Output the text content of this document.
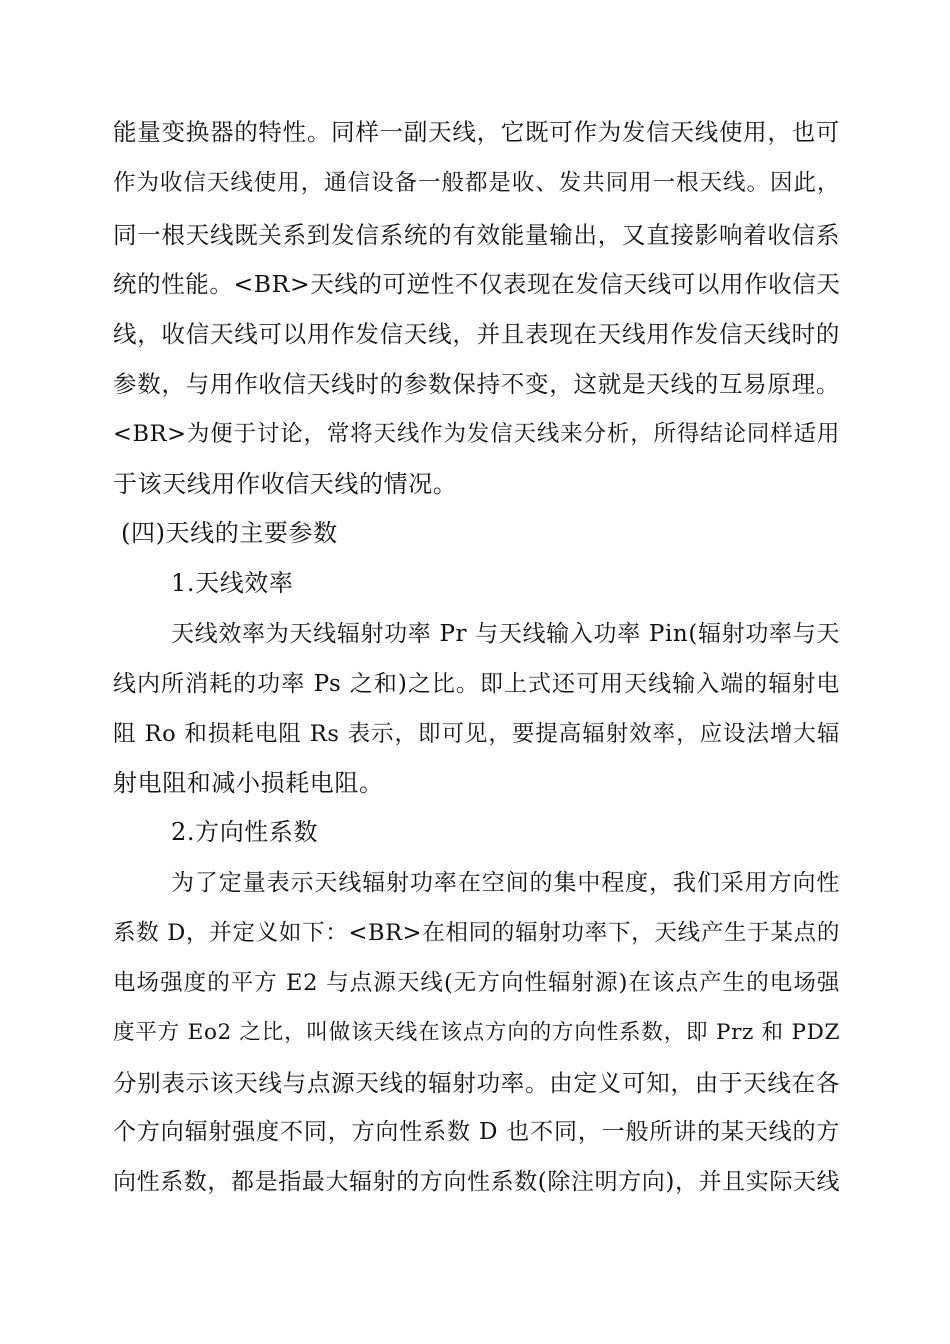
能量变换器的特性。同样一副天线，它既可作为发信天线使用，也可
作为收信天线使用，通信设备一般都是收、发共同用一根天线。因此，
同一根天线既关系到发信系统的有效能量输出，又直接影响着收信系
统的性能。<BR>天线的可逆性不仅表现在发信天线可以用作收信天
线，收信天线可以用作发信天线，并且表现在天线用作发信天线时的
参数，与用作收信天线时的参数保持不变，这就是天线的互易原理。
<BR>为便于讨论，常将天线作为发信天线来分析，所得结论同样适用
于该天线用作收信天线的情况。
(四)天线的主要参数
1.天线效率
天线效率为天线辐射功率 Pr 与天线输入功率 Pin(辐射功率与天
线内所消耗的功率 Ps 之和)之比。即上式还可用天线输入端的辐射电
阻 Ro 和损耗电阻 Rs 表示，即可见，要提高辐射效率，应设法增大辐
射电阻和减小损耗电阻。
2.方向性系数
为了定量表示天线辐射功率在空间的集中程度，我们采用方向性
系数 D，并定义如下：<BR>在相同的辐射功率下，天线产生于某点的
电场强度的平方 E2 与点源天线(无方向性辐射源)在该点产生的电场强
度平方 Eo2 之比，叫做该天线在该点方向的方向性系数，即 Prz 和 PDZ
分别表示该天线与点源天线的辐射功率。由定义可知，由于天线在各
个方向辐射强度不同，方向性系数 D 也不同，一般所讲的某天线的方
向性系数，都是指最大辐射的方向性系数(除注明方向)，并且实际天线
